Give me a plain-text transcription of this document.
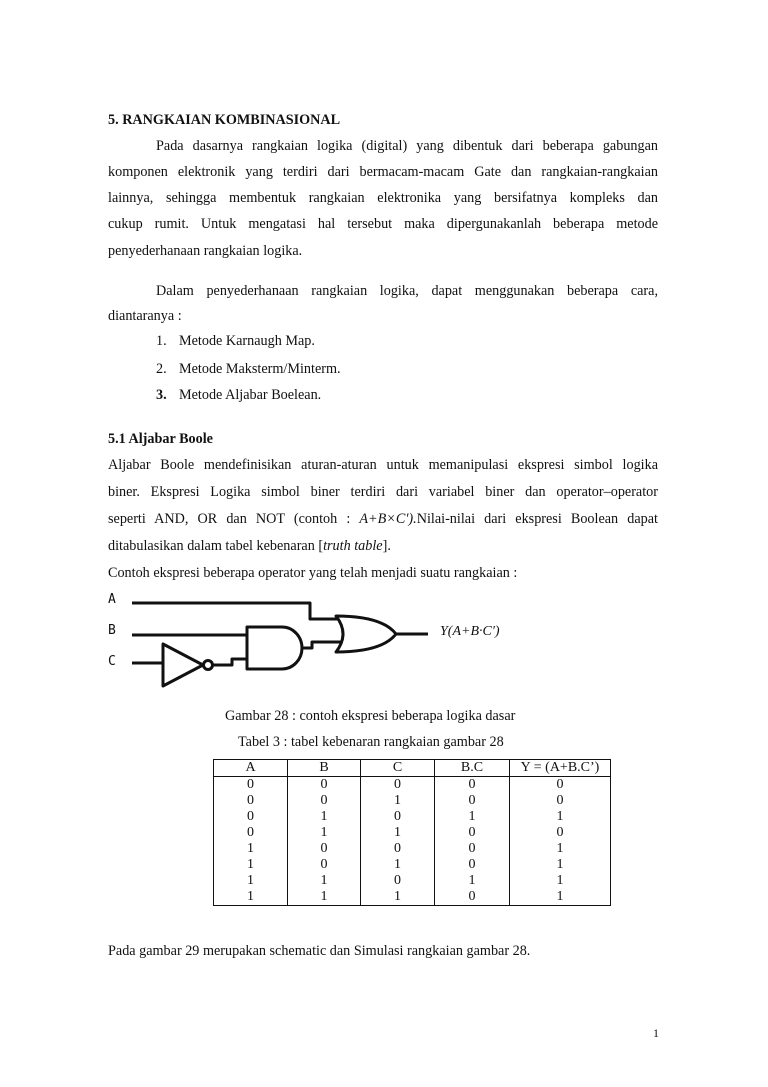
5. RANGKAIAN KOMBINASIONAL
Pada dasarnya rangkaian logika (digital) yang dibentuk dari beberapa gabungan
komponen elektronik yang terdiri dari bermacam-macam Gate dan rangkaian-rangkaian
lainnya, sehingga membentuk rangkaian elektronika yang bersifatnya kompleks dan
cukup rumit. Untuk mengatasi hal tersebut maka dipergunakanlah beberapa metode
penyederhanaan rangkaian logika.
Dalam penyederhanaan rangkaian logika, dapat menggunakan beberapa cara,
diantaranya :
1. Metode Karnaugh Map.
2. Metode Maksterm/Minterm.
3. Metode Aljabar Boelean.
5.1 Aljabar Boole
Aljabar Boole mendefinisikan aturan-aturan untuk memanipulasi ekspresi simbol logika
biner. Ekspresi Logika simbol biner terdiri dari variabel biner dan operator–operator
seperti AND, OR dan NOT (contoh : A+B×C′).Nilai-nilai dari ekspresi Boolean dapat
ditabulasikan dalam tabel kebenaran [truth table].
Contoh ekspresi beberapa operator yang telah menjadi suatu rangkaian :
A
B
C
Y(A+B·C′)
Gambar 28 : contoh ekspresi beberapa logika dasar
Tabel 3 : tabel kebenaran rangkaian gambar 28
A	B	C	B.C	Y = (A+B.C’)
0	0	0	0	0
0	0	1	0	0
0	1	0	1	1
0	1	1	0	0
1	0	0	0	1
1	0	1	0	1
1	1	0	1	1
1	1	1	0	1
Pada gambar 29 merupakan schematic dan Simulasi rangkaian gambar 28.
1
